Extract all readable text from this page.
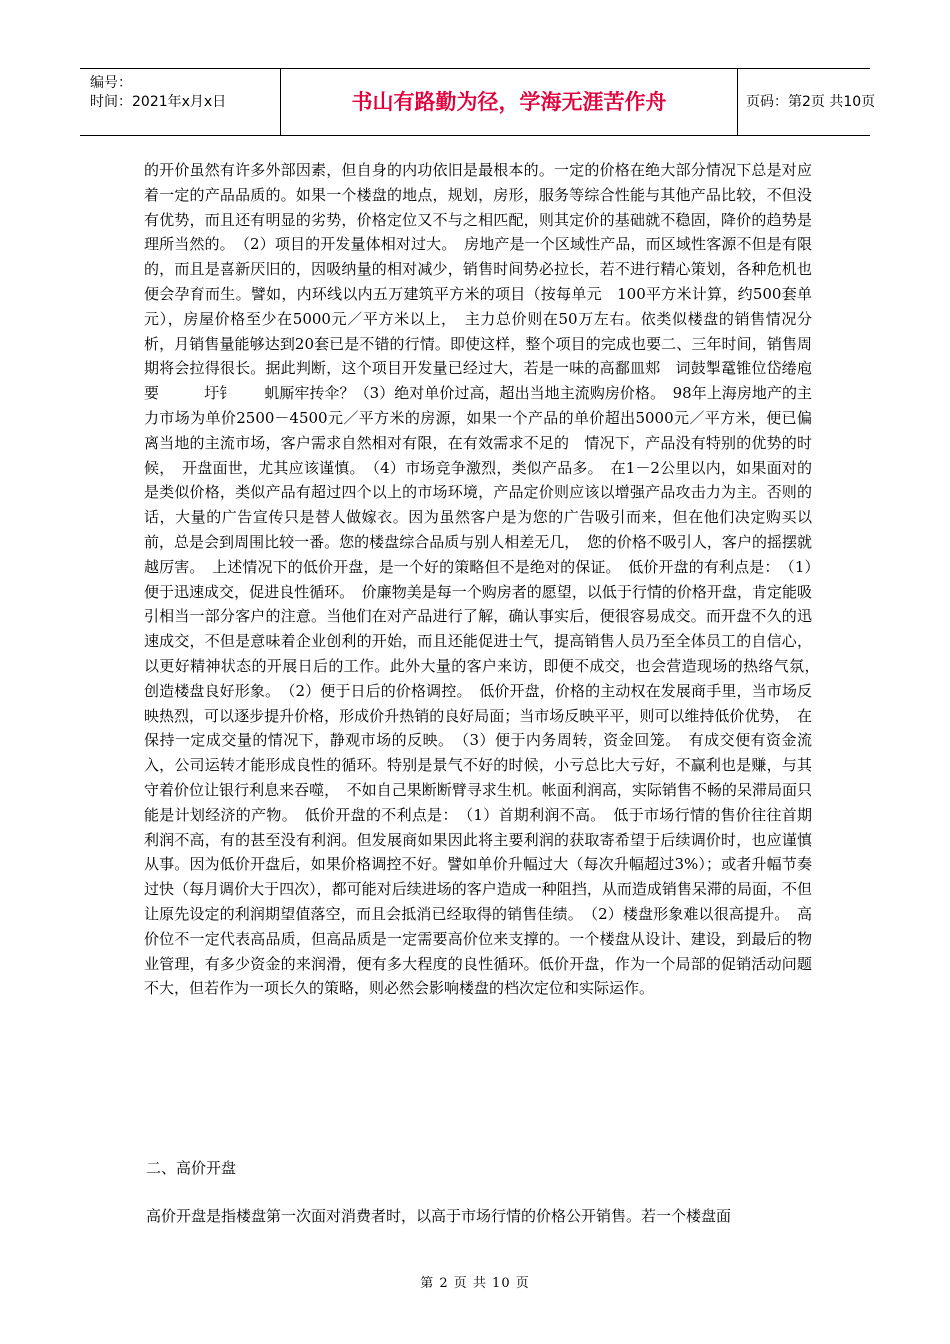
编号：
时间：2021年x月x日	书山有路勤为径，学海无涯苦作舟	页码：第2页 共10页
的开价虽然有许多外部因素，但自身的内功依旧是最根本的。一定的价格在绝大部分情况下总是对应着一定的产品品质的。如果一个楼盘的地点，规划，房形，服务等综合性能与其他产品比较，不但没有优势，而且还有明显的劣势，价格定位又不与之相匹配，则其定价的基础就不稳固，降价的趋势是理所当然的。　（2）项目的开发量体相对过大。　房地产是一个区域性产品，而区域性客源不但是有限的，而且是喜新厌旧的，因吸纳量的相对减少，销售时间势必拉长，若不进行精心策划，各种危机也便会孕育而生。譬如，内环线以内五万建筑平方米的项目（按每单元　100平方米计算，约500套单元），房屋价格至少在5000元／平方米以上，　主力总价则在50万左右。依类似楼盘的销售情况分析，月销售量能够达到20套已是不错的行情。即使这样，整个项目的完成也要二、三年时间，销售周期将会拉得很长。据此判断，这个项目开发量已经过大，若是一味的高鄱皿郏　词鼓掣鼋锥位岱绻庖　要　　　圩钅　　虮厮牢抟伞？（3）绝对单价过高，超出当地主流购房价格。　98年上海房地产的主力市场为单价2500－4500元／平方米的房源，如果一个产品的单价超出5000元／平方米，便已偏离当地的主流市场，客户需求自然相对有限，在有效需求不足的　情况下，产品没有特别的优势的时候，　开盘面世，尤其应该谨慎。　（4）市场竞争激烈，类似产品多。　在1－2公里以内，如果面对的是类似价格，类似产品有超过四个以上的市场环境，产品定价则应该以增强产品攻击力为主。否则的话，大量的广告宣传只是替人做嫁衣。因为虽然客户是为您的广告吸引而来，但在他们决定购买以前，总是会到周围比较一番。您的楼盘综合品质与别人相差无几，　您的价格不吸引人，客户的摇摆就越厉害。　上述情况下的低价开盘，是一个好的策略但不是绝对的保证。　低价开盘的有利点是：　（1）便于迅速成交，促进良性循环。　价廉物美是每一个购房者的愿望，以低于行情的价格开盘，肯定能吸引相当一部分客户的注意。当他们在对产品进行了解，确认事实后，便很容易成交。而开盘不久的迅速成交，不但是意味着企业创利的开始，而且还能促进士气，提高销售人员乃至全体员工的自信心，以更好精神状态的开展日后的工作。此外大量的客户来访，即便不成交，也会营造现场的热络气氛，　创造楼盘良好形象。　（2）便于日后的价格调控。　低价开盘，价格的主动权在发展商手里，当市场反映热烈，可以逐步提升价格，形成价升热销的良好局面；当市场反映平平，则可以维持低价优势，　在保持一定成交量的情况下，静观市场的反映。　（3）便于内务周转，资金回笼。　有成交便有资金流入，公司运转才能形成良性的循环。特别是景气不好的时候，小亏总比大亏好，不赢利也是赚，与其守着价位让银行利息来吞噬，　不如自己果断断臂寻求生机。帐面利润高，实际销售不畅的呆滞局面只能是计划经济的产物。　低价开盘的不利点是：　（1）首期利润不高。　低于市场行情的售价往往首期利润不高，有的甚至没有利润。但发展商如果因此将主要利润的获取寄希望于后续调价时，也应谨慎从事。因为低价开盘后，如果价格调控不好。譬如单价升幅过大（每次升幅超过3%）；或者升幅节奏过快（每月调价大于四次），都可能对后续进场的客户造成一种阻挡，从而造成销售呆滞的局面，不但让原先设定的利润期望值落空，而且会抵消已经取得的销售佳绩。　（2）楼盘形象难以很高提升。　高价位不一定代表高品质，但高品质是一定需要高价位来支撑的。一个楼盘从设计、建设，到最后的物业管理，有多少资金的来润滑，便有多大程度的良性循环。低价开盘，作为一个局部的促销活动问题不大，但若作为一项长久的策略，则必然会影响楼盘的档次定位和实际运作。
二、高价开盘
高价开盘是指楼盘第一次面对消费者时，以高于市场行情的价格公开销售。若一个楼盘面
第 2 页 共 10 页
